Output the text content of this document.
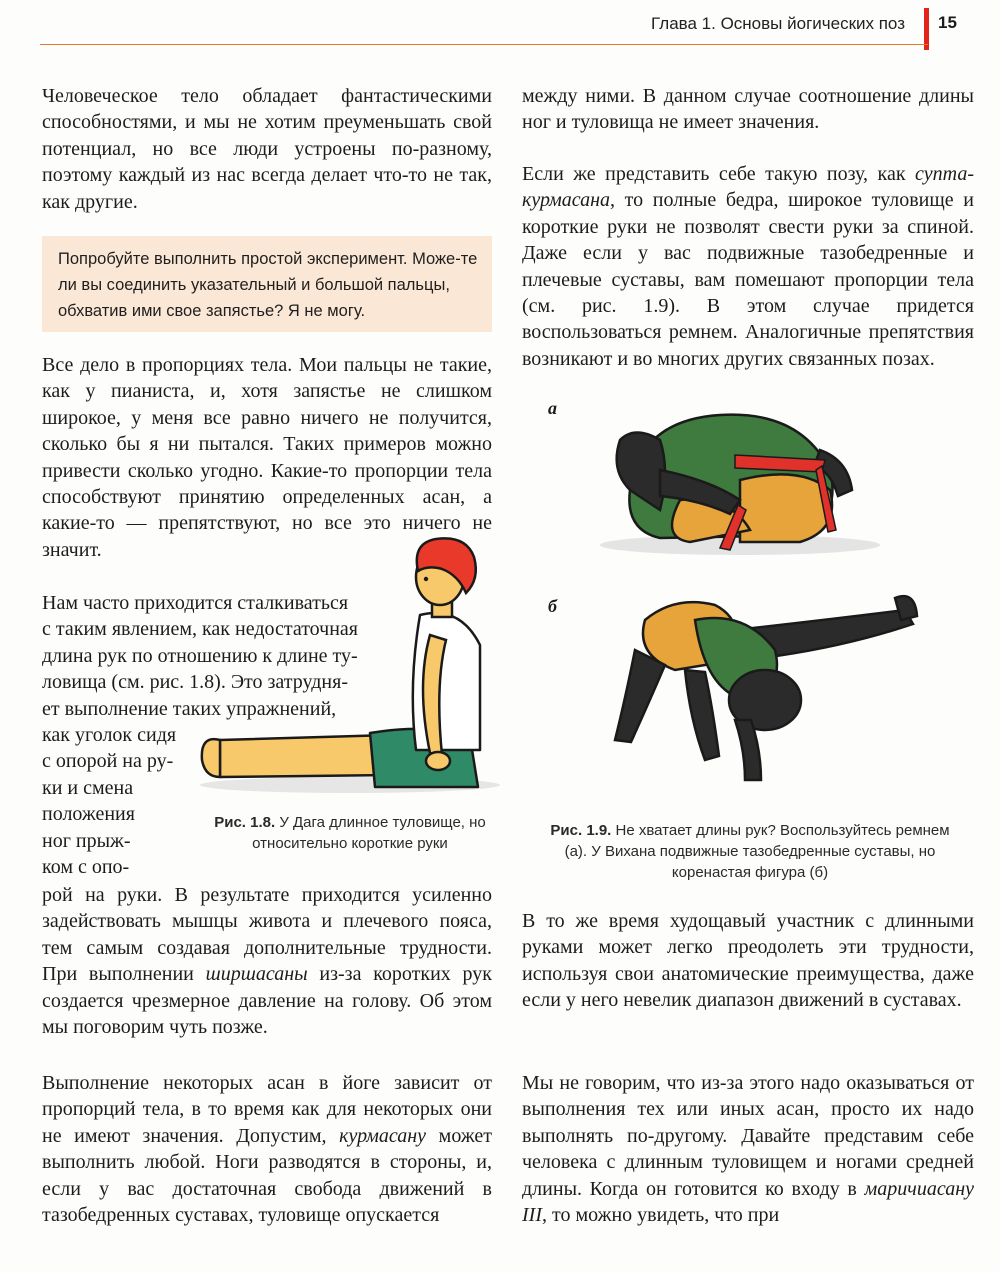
Глава 1. Основы йогических поз 15

Человеческое тело обладает фантастическими способностями, и мы не хотим преуменьшать свой потенциал, но все люди устроены по-разному, поэтому каждый из нас всегда делает что-то не так, как другие.

Попробуйте выполнить простой эксперимент. Може-те ли вы соединить указательный и большой пальцы, обхватив ими свое запястье? Я не могу.

Все дело в пропорциях тела. Мои пальцы не такие, как у пианиста, и, хотя запястье не слишком широкое, у меня все равно ничего не получится, сколько бы я ни пытался. Таких примеров можно привести сколько угодно. Какие-то пропорции тела способствуют принятию определенных асан, а какие-то — препятствуют, но все это ничего не значит.

Нам часто приходится сталкиваться
с таким явлением, как недостаточная
длина рук по отношению к длине ту-
ловища (см. рис. 1.8). Это затрудня-
ет выполнение таких упражнений,
как уголок сидя
с опорой на ру-
ки и смена
положения
ног прыж-
ком с опо-

рой на руки. В результате приходится усиленно задействовать мышцы живота и плечевого пояса, тем самым создавая дополнительные трудности. При выполнении ширшасаны из-за коротких рук создается чрезмерное давление на голову. Об этом мы поговорим чуть позже.

Выполнение некоторых асан в йоге зависит от пропорций тела, в то время как для некоторых они не имеют значения. Допустим, курмасану может выполнить любой. Ноги разводятся в стороны, и, если у вас достаточная свобода движений в тазобедренных суставах, туловище опускается

Рис. 1.8. У Дага длинное туловище, но относительно короткие руки

между ними. В данном случае соотношение длины ног и туловища не имеет значения.

Если же представить себе такую позу, как супта-курмасана, то полные бедра, широкое туловище и короткие руки не позволят свести руки за спиной. Даже если у вас подвижные тазобедренные и плечевые суставы, вам помешают пропорции тела (см. рис. 1.9). В этом случае придется воспользоваться ремнем. Аналогичные препятствия возникают и во многих других связанных позах.

а
б

Рис. 1.9. Не хватает длины рук? Воспользуйтесь ремнем (а). У Вихана подвижные тазобедренные суставы, но коренастая фигура (б)

В то же время худощавый участник с длинными руками может легко преодолеть эти трудности, используя свои анатомические преимущества, даже если у него невелик диапазон движений в суставах.

Мы не говорим, что из-за этого надо оказываться от выполнения тех или иных асан, просто их надо выполнять по-другому. Давайте представим себе человека с длинным туловищем и ногами средней длины. Когда он готовится ко входу в маричиасану III, то можно увидеть, что при
